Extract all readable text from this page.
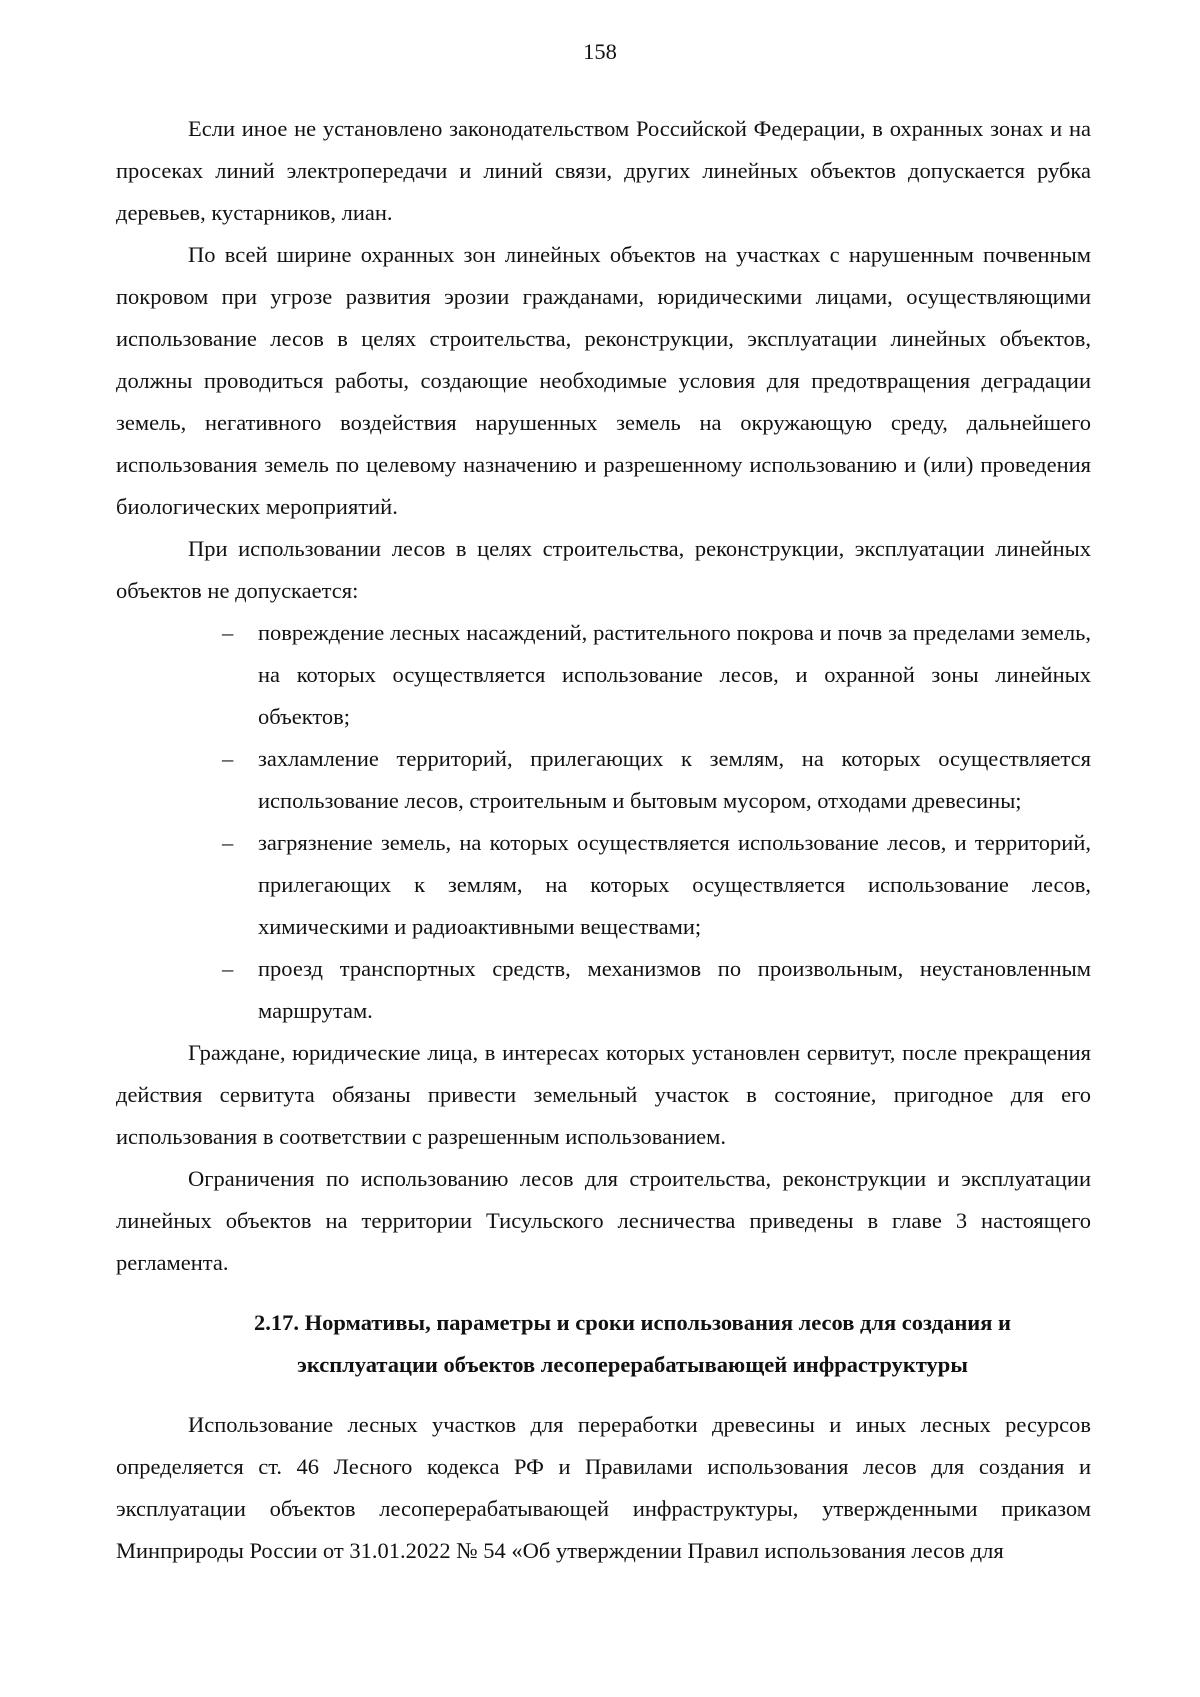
158

Если иное не установлено законодательством Российской Федерации, в охранных зонах и на просеках линий электропередачи и линий связи, других линейных объектов допускается рубка деревьев, кустарников, лиан.

По всей ширине охранных зон линейных объектов на участках с нарушенным почвенным покровом при угрозе развития эрозии гражданами, юридическими лицами, осуществляющими использование лесов в целях строительства, реконструкции, эксплуатации линейных объектов, должны проводиться работы, создающие необходимые условия для предотвращения деградации земель, негативного воздействия нарушенных земель на окружающую среду, дальнейшего использования земель по целевому назначению и разрешенному использованию и (или) проведения биологических мероприятий.

При использовании лесов в целях строительства, реконструкции, эксплуатации линейных объектов не допускается:

– повреждение лесных насаждений, растительного покрова и почв за пределами земель, на которых осуществляется использование лесов, и охранной зоны линейных объектов;
– захламление территорий, прилегающих к землям, на которых осуществляется использование лесов, строительным и бытовым мусором, отходами древесины;
– загрязнение земель, на которых осуществляется использование лесов, и территорий, прилегающих к землям, на которых осуществляется использование лесов, химическими и радиоактивными веществами;
– проезд транспортных средств, механизмов по произвольным, неустановленным маршрутам.

Граждане, юридические лица, в интересах которых установлен сервитут, после прекращения действия сервитута обязаны привести земельный участок в состояние, пригодное для его использования в соответствии с разрешенным использованием.

Ограничения по использованию лесов для строительства, реконструкции и эксплуатации линейных объектов на территории Тисульского лесничества приведены в главе 3 настоящего регламента.

2.17. Нормативы, параметры и сроки использования лесов для создания и
эксплуатации объектов лесоперерабатывающей инфраструктуры

Использование лесных участков для переработки древесины и иных лесных ресурсов определяется ст. 46 Лесного кодекса РФ и Правилами использования лесов для создания и эксплуатации объектов лесоперерабатывающей инфраструктуры, утвержденными приказом Минприроды России от 31.01.2022 № 54 «Об утверждении Правил использования лесов для
